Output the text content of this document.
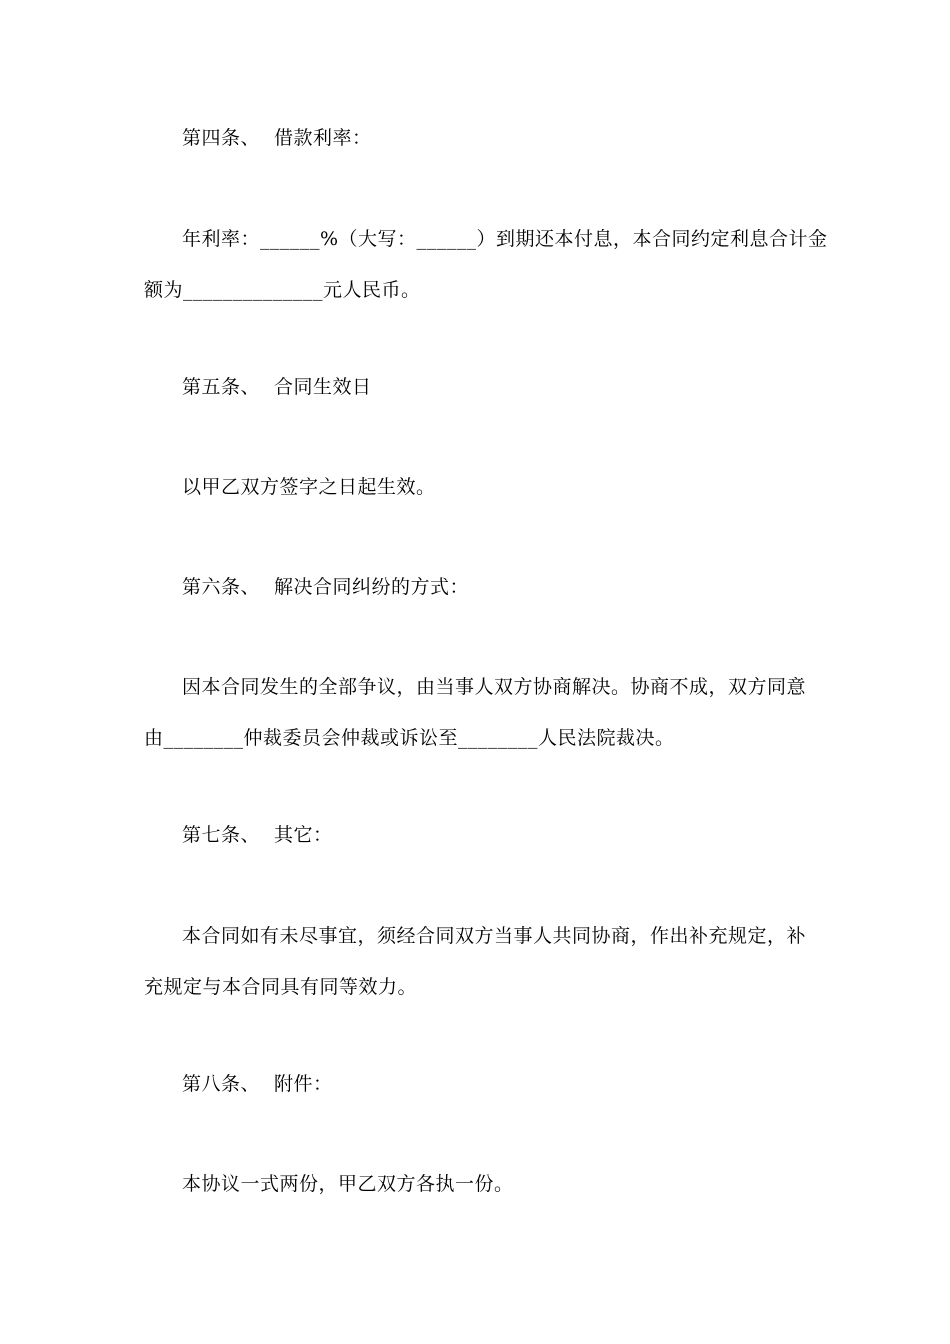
第四条、 借款利率：
年利率：______%（大写：______）到期还本付息，本合同约定利息合计金
额为______________元人民币。
第五条、 合同生效日
以甲乙双方签字之日起生效。
第六条、 解决合同纠纷的方式：
因本合同发生的全部争议，由当事人双方协商解决。协商不成，双方同意
由________仲裁委员会仲裁或诉讼至________人民法院裁决。
第七条、 其它：
本合同如有未尽事宜，须经合同双方当事人共同协商，作出补充规定，补
充规定与本合同具有同等效力。
第八条、 附件：
本协议一式两份，甲乙双方各执一份。
